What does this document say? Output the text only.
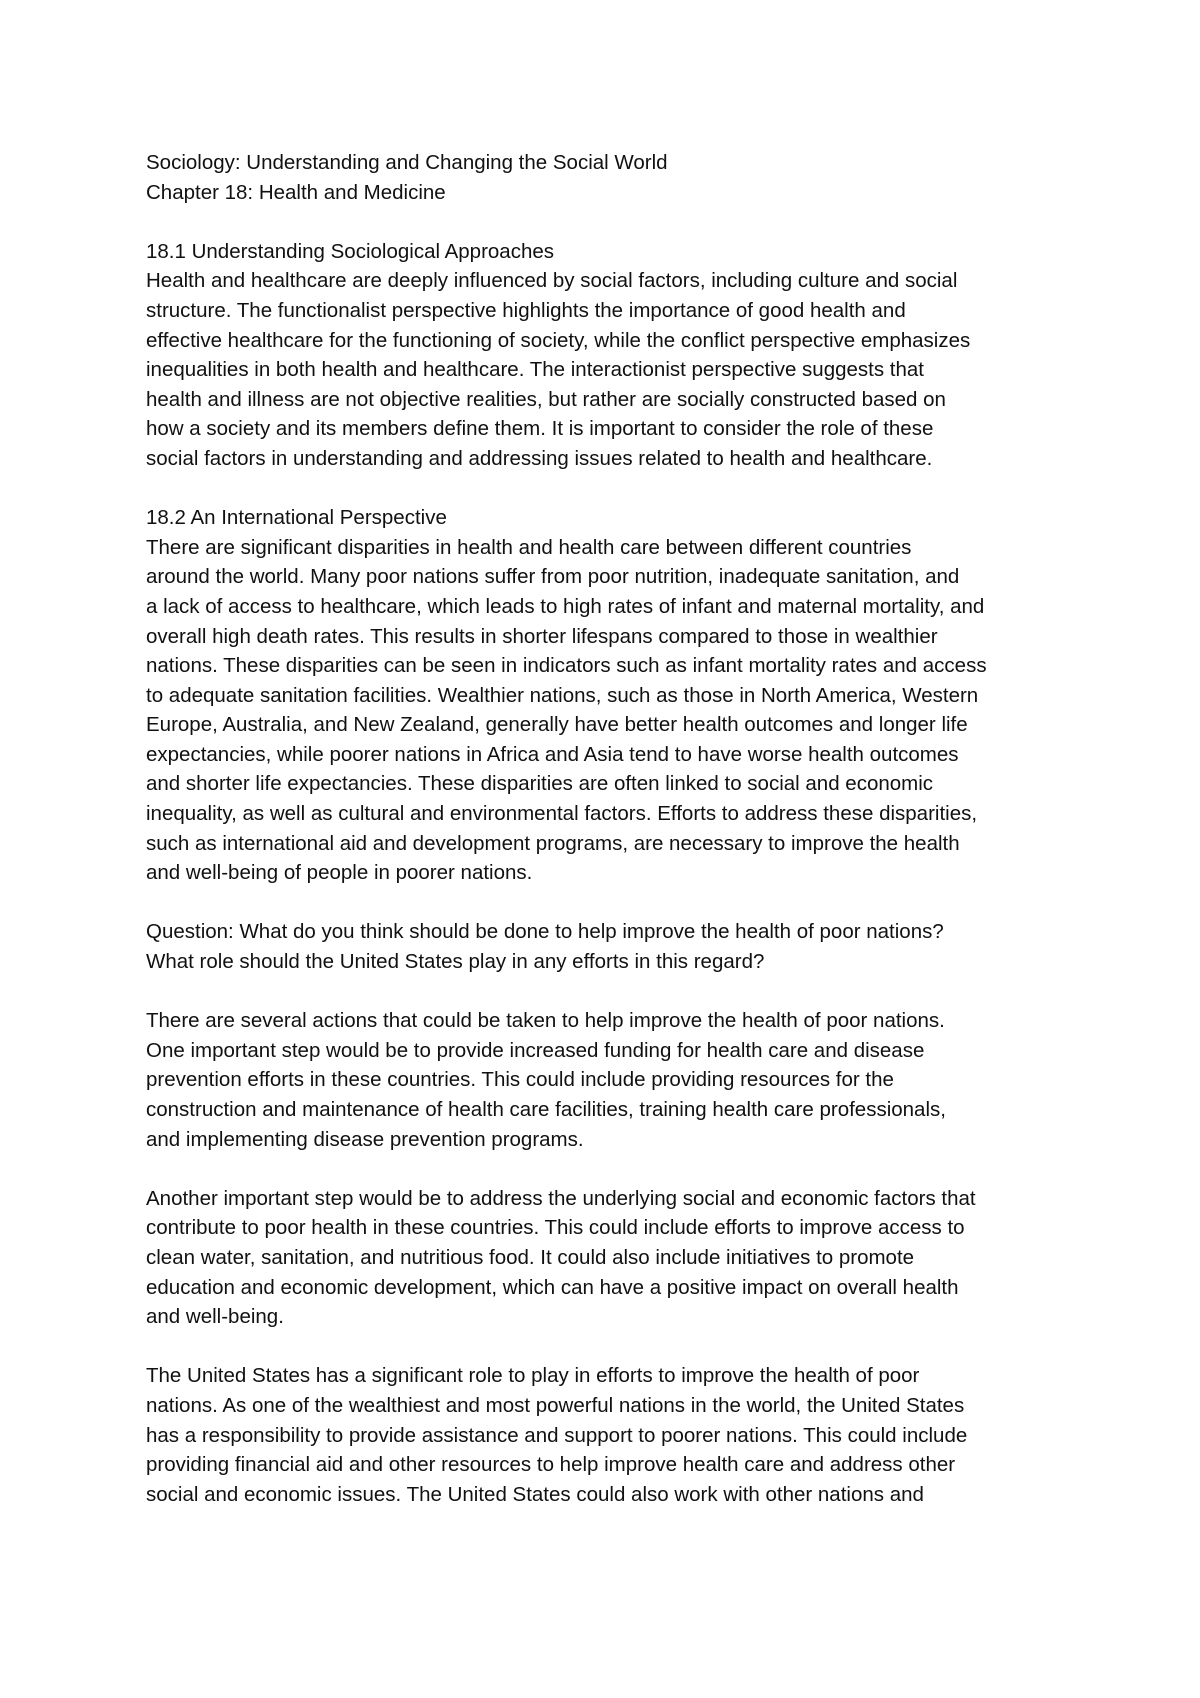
Sociology: Understanding and Changing the Social World
Chapter 18: Health and Medicine

18.1 Understanding Sociological Approaches
Health and healthcare are deeply influenced by social factors, including culture and social
structure. The functionalist perspective highlights the importance of good health and
effective healthcare for the functioning of society, while the conflict perspective emphasizes
inequalities in both health and healthcare. The interactionist perspective suggests that
health and illness are not objective realities, but rather are socially constructed based on
how a society and its members define them. It is important to consider the role of these
social factors in understanding and addressing issues related to health and healthcare.

18.2 An International Perspective
There are significant disparities in health and health care between different countries
around the world. Many poor nations suffer from poor nutrition, inadequate sanitation, and
a lack of access to healthcare, which leads to high rates of infant and maternal mortality, and
overall high death rates. This results in shorter lifespans compared to those in wealthier
nations. These disparities can be seen in indicators such as infant mortality rates and access
to adequate sanitation facilities. Wealthier nations, such as those in North America, Western
Europe, Australia, and New Zealand, generally have better health outcomes and longer life
expectancies, while poorer nations in Africa and Asia tend to have worse health outcomes
and shorter life expectancies. These disparities are often linked to social and economic
inequality, as well as cultural and environmental factors. Efforts to address these disparities,
such as international aid and development programs, are necessary to improve the health
and well-being of people in poorer nations.

Question: What do you think should be done to help improve the health of poor nations?
What role should the United States play in any efforts in this regard?

There are several actions that could be taken to help improve the health of poor nations.
One important step would be to provide increased funding for health care and disease
prevention efforts in these countries. This could include providing resources for the
construction and maintenance of health care facilities, training health care professionals,
and implementing disease prevention programs.

Another important step would be to address the underlying social and economic factors that
contribute to poor health in these countries. This could include efforts to improve access to
clean water, sanitation, and nutritious food. It could also include initiatives to promote
education and economic development, which can have a positive impact on overall health
and well-being.

The United States has a significant role to play in efforts to improve the health of poor
nations. As one of the wealthiest and most powerful nations in the world, the United States
has a responsibility to provide assistance and support to poorer nations. This could include
providing financial aid and other resources to help improve health care and address other
social and economic issues. The United States could also work with other nations and
